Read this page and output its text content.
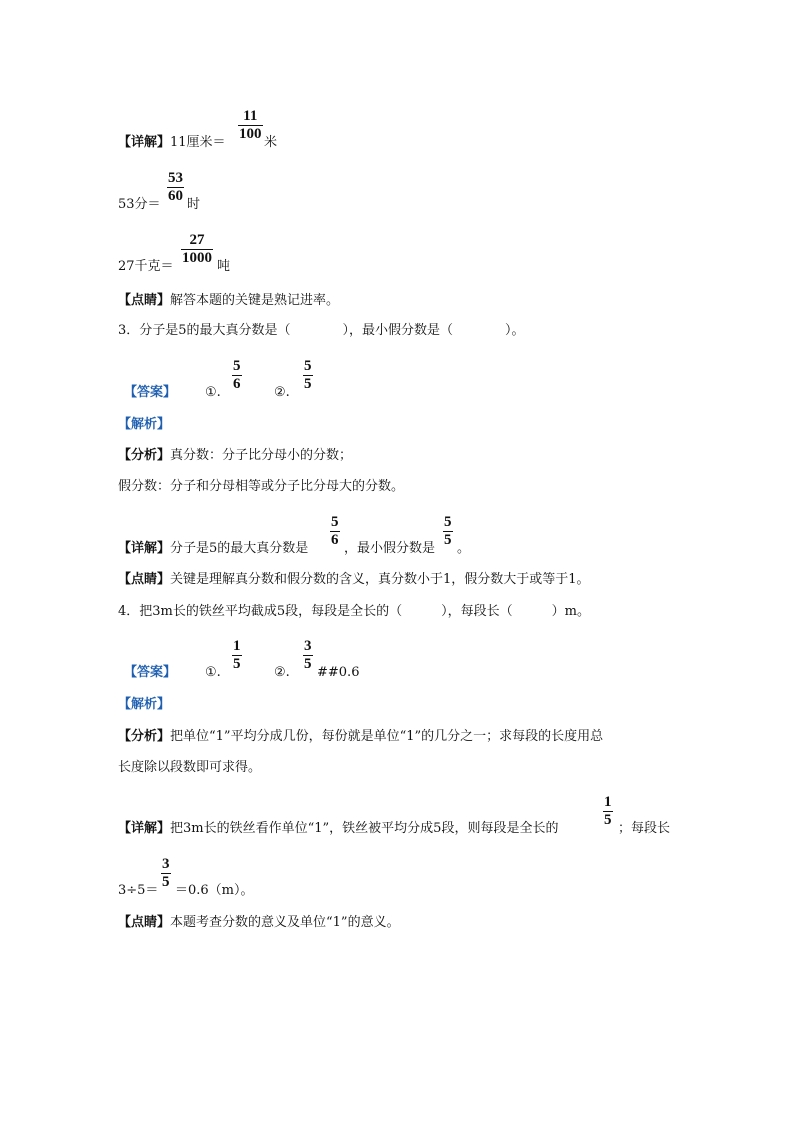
【详解】11厘米＝
11
100
米
53分＝
53
60
时
27千克＝
27
1000
吨
【点睛】解答本题的关键是熟记进率。
3．分子是5的最大真分数是（　　　　），最小假分数是（　　　　）。
【答案】 ①.
5
6
②.
5
5
【解析】
【分析】真分数：分子比分母小的分数；
假分数：分子和分母相等或分子比分母大的分数。
【详解】分子是5的最大真分数是
5
6
，最小假分数是
5
5
。
【点睛】关键是理解真分数和假分数的含义，真分数小于1，假分数大于或等于1。
4．把3m长的铁丝平均截成5段，每段是全长的（　　　），每段长（　　　）m。
【答案】 ①.
1
5
②.
3
5
##0.6
【解析】
【分析】把单位“1”平均分成几份，每份就是单位“1”的几分之一；求每段的长度用总
长度除以段数即可求得。
【详解】把3m长的铁丝看作单位“1”，铁丝被平均分成5段，则每段是全长的
1
5
；每段长
3÷5＝
3
5
＝0.6（m）。
【点睛】本题考查分数的意义及单位“1”的意义。
